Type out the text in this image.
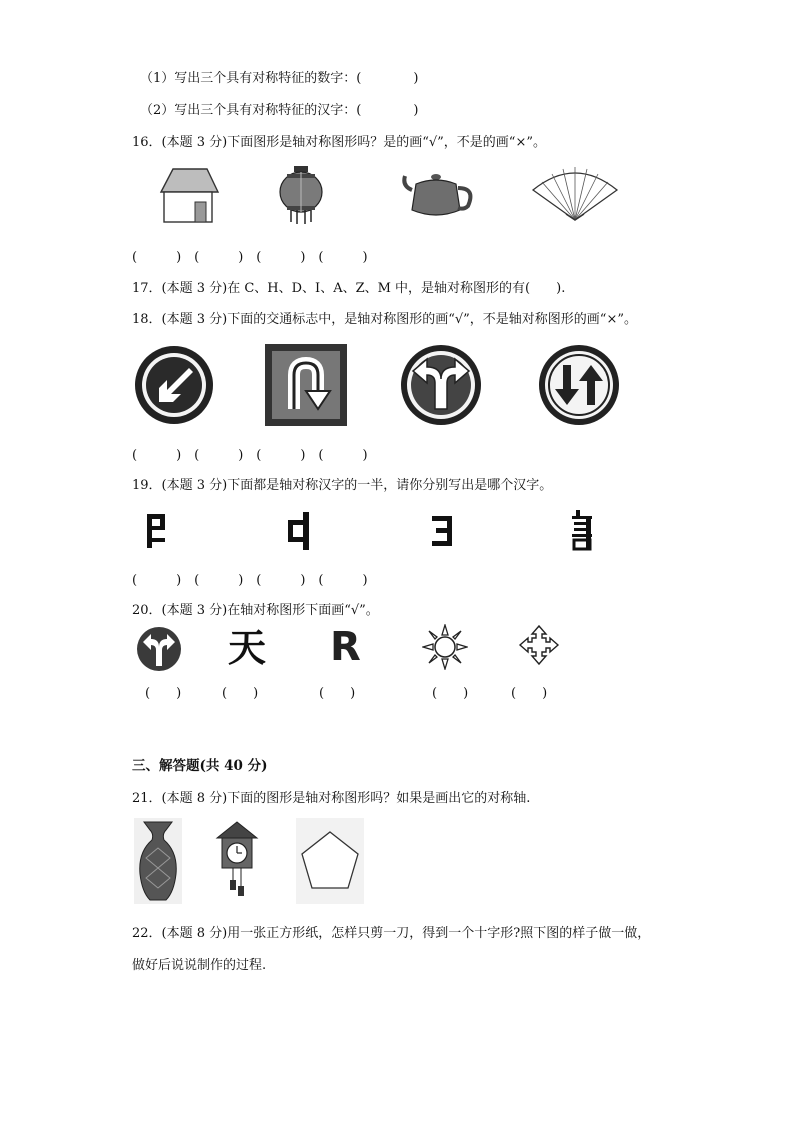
（1）写出三个具有对称特征的数字：(　　　　)
（2）写出三个具有对称特征的汉字：(　　　　)
16．(本题 3 分)下面图形是轴对称图形吗？是的画“√”，不是的画“×”。
(　　　)　(　　　)　(　　　)　(　　　)
17．(本题 3 分)在 C、H、D、I、A、Z、M 中，是轴对称图形的有(　　).
18．(本题 3 分)下面的交通标志中，是轴对称图形的画“√”，不是轴对称图形的画“×”。
(　　　)　(　　　)　(　　　)　(　　　)
19．(本题 3 分)下面都是轴对称汉字的一半，请你分别写出是哪个汉字。
(　　　)　(　　　)　(　　　)　(　　　)
20．(本题 3 分)在轴对称图形下面画“√”。
天 R
(　　)	(　　)	(　　)	(　　)	(　　)
三、解答题(共 40 分)
21．(本题 8 分)下面的图形是轴对称图形吗？如果是画出它的对称轴.
22．(本题 8 分)用一张正方形纸，怎样只剪一刀，得到一个十字形?照下图的样子做一做，
做好后说说制作的过程.
